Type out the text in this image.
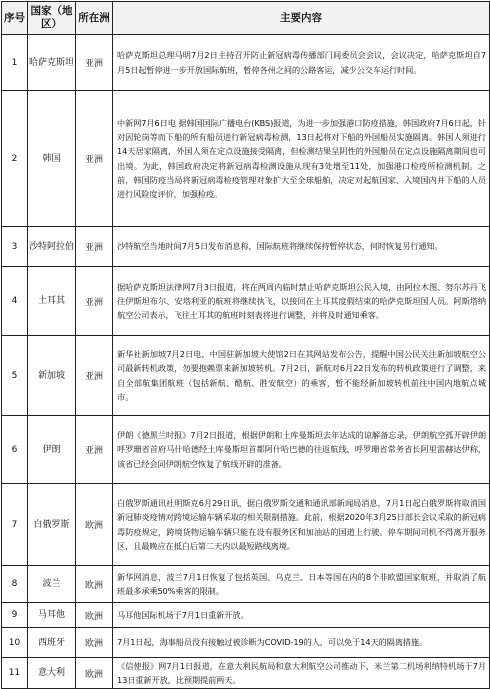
序号	国家（地区）	所在洲	主要内容
1	哈萨克斯坦	亚洲	哈萨克斯坦总理马明7月2日主持召开防止新冠病毒传播部门间委员会会议，会议决定，哈萨克斯坦自7月5日起暂停进一步开放国际航班，暂停各州之间的公路客运，减少公交车运行时间。
2	韩国	亚洲	中新网7月6日电 据韩国国际广播电台(KBS)报道，为进一步加强港口防疫措施，韩国政府7月6日起，针对因轮岗等而下船的所有船员进行新冠病毒检测，13日起将对下船的外国船员实施隔离。韩国人须进行14天居家隔离，外国人须在定点设施接受隔离，但检测结果呈阴性的外国船员在定点设施隔离期间也可出境。为此，韩国政府决定将新冠病毒检测设施从现有3处增至11处，加强港口检疫所检测机制。之前，韩国防疫当局将新冠病毒检疫管理对象扩大至全球船舶，决定对起航国家、入境国内并下船的人员进行风险度评价，加强检疫。
3	沙特阿拉伯	亚洲	沙特航空当地时间7月5日发布消息称，国际航班将继续保持暂停状态，何时恢复另行通知。
4	土耳其	亚洲	据哈萨克斯坦法律网7月3日报道，将在两周内临时禁止哈萨克斯坦公民入境，由阿拉木图、努尔苏丹飞往伊斯坦布尔、安塔利亚的航班将继续执飞，以接回在土耳其度假结束的哈萨克斯坦国人员。阿斯塔纳航空公司表示，飞往土耳其的航班时刻表将进行调整，并将及时通知乘客。
5	新加坡	亚洲	新华社新加坡7月2日电，中国驻新加坡大使馆2日在其网站发布公告，提醒中国公民关注新加坡航空公司最新转机政策，勿要抱赖票来新加坡转机。7月2日，新航对6月22日发布的转机政策进行了调整，来自全部航集团航班（包括新航、酷航、胜安航空）的乘客，暂不能经新加坡转机前往中国内地航点城市。
6	伊朗	亚洲	伊朗《德黑兰时报》7月2日报道，根据伊朗和土库曼斯坦去年达成的谅解备忘录，伊朗航空孤开辟伊朗呼罗珊省首府马什哈德经土库曼斯坦首都阿什哈巴德的往返航线，呼罗珊省常务省长阿里雷赫达伊称，该省已经会同伊朗航空恢复了航线开辟的准备。
7	白俄罗斯	欧洲	白俄罗斯通讯社明斯克6月29日讯，据白俄罗斯交通和通讯部新闻局消息，7月1日起白俄罗斯将取消国新冠肺炎疫情对跨境运输车辆采取的相关限制措施。此前，根据2020年3月25日部长会议采取的新冠病毒防疫规定，跨境货物运输车辆只能在设有服务区和加油站的国道上行驶。停车期间司机不得离开服务区，且最晚应在抵白后第二天内以最短路线离境。
8	波兰	欧洲	新华网消息，波兰7月1日恢复了包括英国、乌克兰、日本等国在内的8个非欧盟国家航班，并取消了航班最多承乘50%乘客的限制。
9	马耳他	欧洲	马耳他国际机场于7月1日重新开放。
10	西班牙	欧洲	7月1日起，海事船员没有接触过被诊断为COVID-19的人，可以免于14天的隔离措施。
11	意大利	欧洲	《信使报》网7月1日报道，在意大利民航局和意大利航空公司推动下，米兰第二机场利纳特机场于7月13日重新开放，比预期提前两天。
